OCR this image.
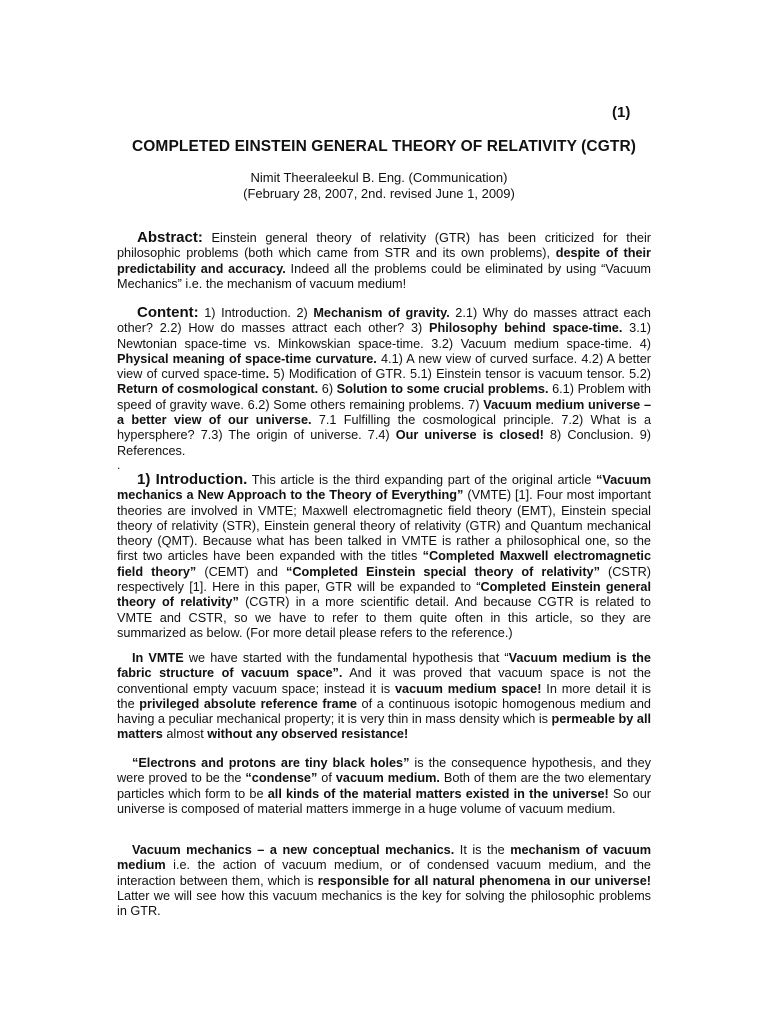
(1)
COMPLETED EINSTEIN GENERAL THEORY OF RELATIVITY (CGTR)
Nimit Theeraleekul B. Eng. (Communication)
(February 28, 2007, 2nd. revised June 1, 2009)
Abstract: Einstein general theory of relativity (GTR) has been criticized for their philosophic problems (both which came from STR and its own problems), despite of their predictability and accuracy. Indeed all the problems could be eliminated by using “Vacuum Mechanics” i.e. the mechanism of vacuum medium!
Content: 1) Introduction. 2) Mechanism of gravity. 2.1) Why do masses attract each other? 2.2) How do masses attract each other? 3) Philosophy behind space-time. 3.1) Newtonian space-time vs. Minkowskian space-time. 3.2) Vacuum medium space-time. 4) Physical meaning of space-time curvature. 4.1) A new view of curved surface. 4.2) A better view of curved space-time. 5) Modification of GTR. 5.1) Einstein tensor is vacuum tensor. 5.2) Return of cosmological constant. 6) Solution to some crucial problems. 6.1) Problem with speed of gravity wave. 6.2) Some others remaining problems. 7) Vacuum medium universe – a better view of our universe. 7.1 Fulfilling the cosmological principle. 7.2) What is a hypersphere? 7.3) The origin of universe. 7.4) Our universe is closed! 8) Conclusion. 9) References.
.
1) Introduction. This article is the third expanding part of the original article “Vacuum mechanics a New Approach to the Theory of Everything” (VMTE) [1]. Four most important theories are involved in VMTE; Maxwell electromagnetic field theory (EMT), Einstein special theory of relativity (STR), Einstein general theory of relativity (GTR) and Quantum mechanical theory (QMT). Because what has been talked in VMTE is rather a philosophical one, so the first two articles have been expanded with the titles “Completed Maxwell electromagnetic field theory” (CEMT) and “Completed Einstein special theory of relativity” (CSTR) respectively [1]. Here in this paper, GTR will be expanded to “Completed Einstein general theory of relativity” (CGTR) in a more scientific detail. And because CGTR is related to VMTE and CSTR, so we have to refer to them quite often in this article, so they are summarized as below. (For more detail please refers to the reference.)
In VMTE we have started with the fundamental hypothesis that “Vacuum medium is the fabric structure of vacuum space”. And it was proved that vacuum space is not the conventional empty vacuum space; instead it is vacuum medium space! In more detail it is the privileged absolute reference frame of a continuous isotopic homogenous medium and having a peculiar mechanical property; it is very thin in mass density which is permeable by all matters almost without any observed resistance!
“Electrons and protons are tiny black holes” is the consequence hypothesis, and they were proved to be the “condense” of vacuum medium. Both of them are the two elementary particles which form to be all kinds of the material matters existed in the universe! So our universe is composed of material matters immerge in a huge volume of vacuum medium.
Vacuum mechanics – a new conceptual mechanics. It is the mechanism of vacuum medium i.e. the action of vacuum medium, or of condensed vacuum medium, and the interaction between them, which is responsible for all natural phenomena in our universe! Latter we will see how this vacuum mechanics is the key for solving the philosophic problems in GTR.
